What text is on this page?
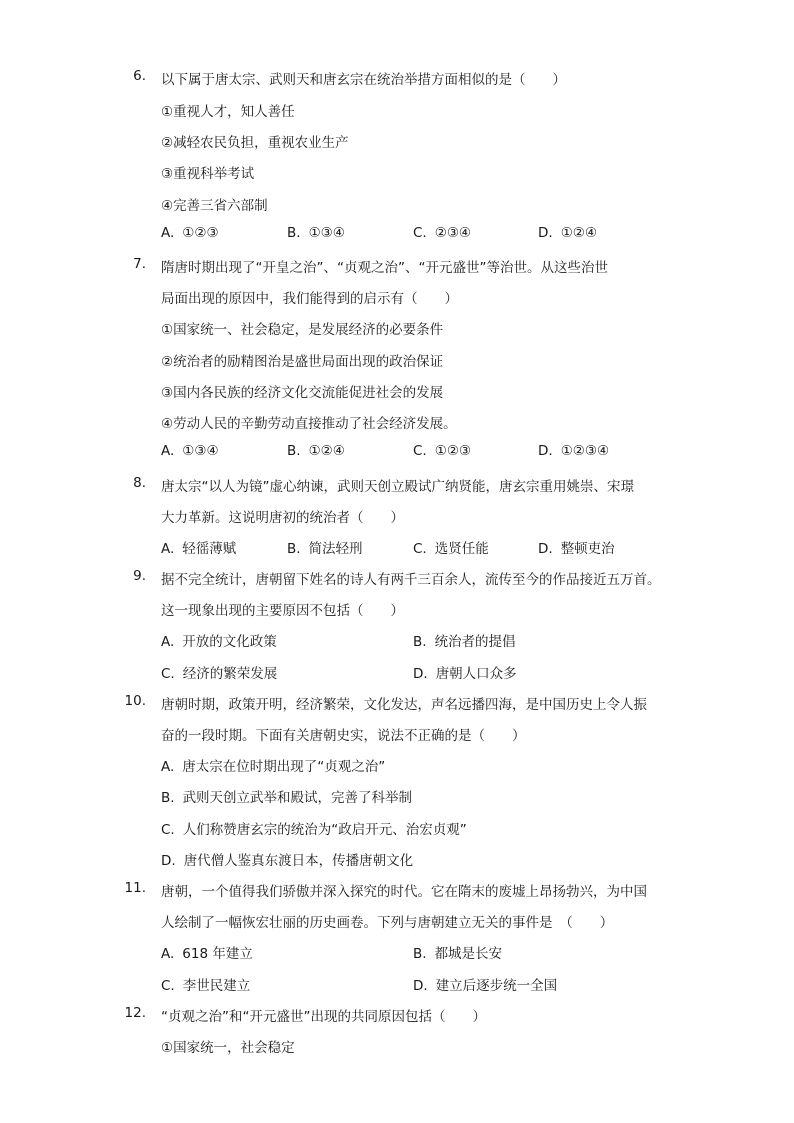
6. 以下属于唐太宗、武则天和唐玄宗在统治举措方面相似的是（　　）
①重视人才，知人善任
②减轻农民负担，重视农业生产
③重视科举考试
④完善三省六部制
A. ①②③	B. ①③④	C. ②③④	D. ①②④
7. 隋唐时期出现了“开皇之治”、“贞观之治”、“开元盛世”等治世。从这些治世
局面出现的原因中，我们能得到的启示有（　　）
①国家统一、社会稳定，是发展经济的必要条件
②统治者的励精图治是盛世局面出现的政治保证
③国内各民族的经济文化交流能促进社会的发展
④劳动人民的辛勤劳动直接推动了社会经济发展。
A. ①③④	B. ①②④	C. ①②③	D. ①②③④
8. 唐太宗“以人为镜”虚心纳谏，武则天创立殿试广纳贤能，唐玄宗重用姚崇、宋璟
大力革新。这说明唐初的统治者（　　）
A. 轻徭薄赋	B. 简法轻刑	C. 选贤任能	D. 整顿吏治
9. 据不完全统计，唐朝留下姓名的诗人有两千三百余人，流传至今的作品接近五万首。
这一现象出现的主要原因不包括（　　）
A. 开放的文化政策	B. 统治者的提倡
C. 经济的繁荣发展	D. 唐朝人口众多
10. 唐朝时期，政策开明，经济繁荣，文化发达，声名远播四海，是中国历史上令人振
奋的一段时期。下面有关唐朝史实，说法不正确的是（　　）
A. 唐太宗在位时期出现了“贞观之治”
B. 武则天创立武举和殿试，完善了科举制
C. 人们称赞唐玄宗的统治为“政启开元、治宏贞观”
D. 唐代僧人鉴真东渡日本，传播唐朝文化
11. 唐朝，一个值得我们骄傲并深入探究的时代。它在隋末的废墟上昂扬勃兴，为中国
人绘制了一幅恢宏壮丽的历史画卷。下列与唐朝建立无关的事件是　（　　）
A. 618 年建立	B. 都城是长安
C. 李世民建立	D. 建立后逐步统一全国
12. “贞观之治”和“开元盛世”出现的共同原因包括（　　）
①国家统一，社会稳定
